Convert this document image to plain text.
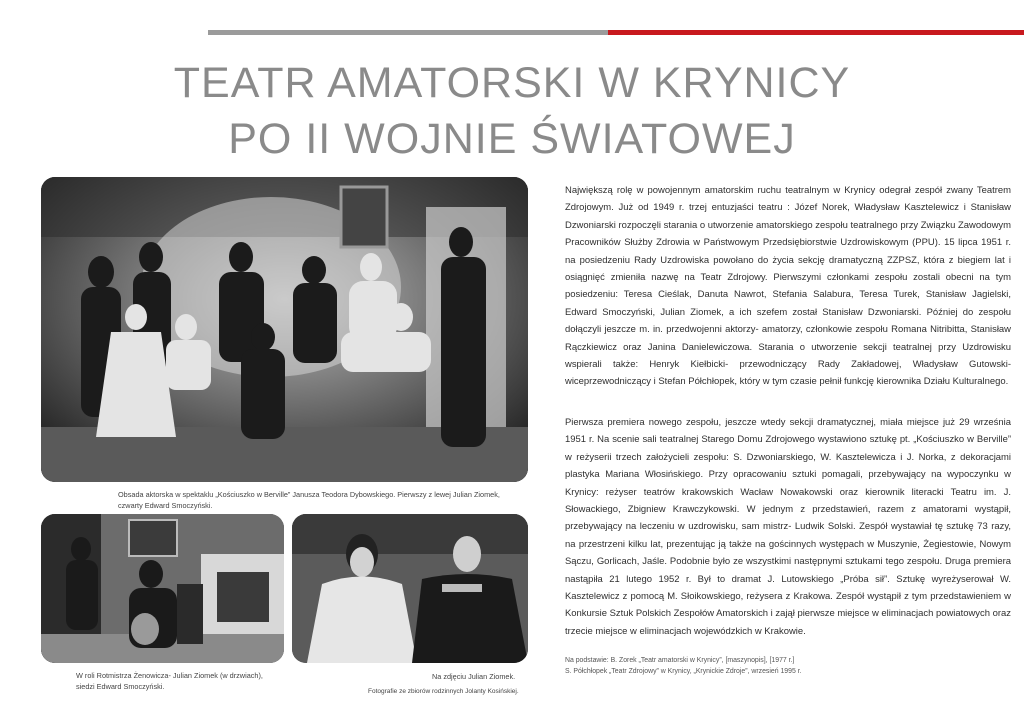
TEATR AMATORSKI W KRYNICY
PO II WOJNIE ŚWIATOWEJ
Obsada aktorska w spektaklu „Kościuszko w Berville” Janusza Teodora Dybowskiego. Pierwszy z lewej Julian Ziomek,
czwarty Edward Smoczyński.
W roli Rotmistrza Żenowicza- Julian Ziomek (w drzwiach),
siedzi Edward Smoczyński.
Na zdjęciu Julian Ziomek.
Fotografie ze zbiorów rodzinnych Jolanty Kosińskiej.
Największą rolę w powojennym amatorskim ruchu teatralnym w Krynicy odegrał zespół zwany Teatrem Zdrojowym. Już od 1949 r. trzej entuzjaści teatru : Józef Norek, Władysław Kasztelewicz i Stanisław Dzwoniarski rozpoczęli starania o utworzenie amatorskiego zespołu teatralnego przy Związku Zawodowym Pracowników Służby Zdrowia w Państwowym Przedsiębiorstwie Uzdrowiskowym (PPU). 15 lipca 1951 r. na posiedzeniu Rady Uzdrowiska powołano do życia sekcję dramatyczną ZZPSZ, która z biegiem lat i osiągnięć zmieniła nazwę na Teatr Zdrojowy. Pierwszymi członkami zespołu zostali obecni na tym posiedzeniu: Teresa Cieślak, Danuta Nawrot, Stefania Salabura, Teresa Turek, Stanisław Jagielski, Edward Smoczyński, Julian Ziomek, a ich szefem został Stanisław Dzwoniarski. Później do zespołu dołączyli jeszcze m. in. przedwojenni aktorzy- amatorzy, członkowie zespołu Romana Nitribitta, Stanisław Rączkiewicz oraz Janina Danielewiczowa. Starania o utworzenie sekcji teatralnej przy Uzdrowisku wspierali także: Henryk Kiełbicki- przewodniczący Rady Zakładowej, Władysław Gutowski- wiceprzewodniczący i Stefan Półchłopek, który w tym czasie pełnił funkcję kierownika Działu Kulturalnego.
Pierwsza premiera nowego zespołu, jeszcze wtedy sekcji dramatycznej, miała miejsce już 29 września 1951 r. Na scenie sali teatralnej Starego Domu Zdrojowego wystawiono sztukę pt. „Kościuszko w Berville” w reżyserii trzech założycieli zespołu: S. Dzwoniarskiego, W. Kasztelewicza i J. Norka, z dekoracjami plastyka Mariana Włosińskiego. Przy opracowaniu sztuki pomagali, przebywający na wypoczynku w Krynicy: reżyser teatrów krakowskich Wacław Nowakowski oraz kierownik literacki Teatru im. J. Słowackiego, Zbigniew Krawczykowski. W jednym z przedstawień, razem z amatorami wystąpił, przebywający na leczeniu w uzdrowisku, sam mistrz- Ludwik Solski. Zespół wystawiał tę sztukę 73 razy, na przestrzeni kilku lat, prezentując ją także na gościnnych występach w Muszynie, Żegiestowie, Nowym Sączu, Gorlicach, Jaśle. Podobnie było ze wszystkimi następnymi sztukami tego zespołu. Druga premiera nastąpiła 21 lutego 1952 r. Był to dramat J. Lutowskiego „Próba sił”. Sztukę wyreżyserował W. Kasztelewicz z pomocą M. Słoikowskiego, reżysera z Krakowa. Zespół wystąpił z tym przedstawieniem w Konkursie Sztuk Polskich Zespołów Amatorskich i zajął pierwsze miejsce w eliminacjach powiatowych oraz trzecie miejsce w eliminacjach wojewódzkich w Krakowie.
Na podstawie: B. Zorek „Teatr amatorski w Krynicy”, [maszynopis], [1977 r.]
S. Półchłopek „Teatr Zdrojowy” w Krynicy, „Krynickie Zdroje”, wrzesień 1995 r.
